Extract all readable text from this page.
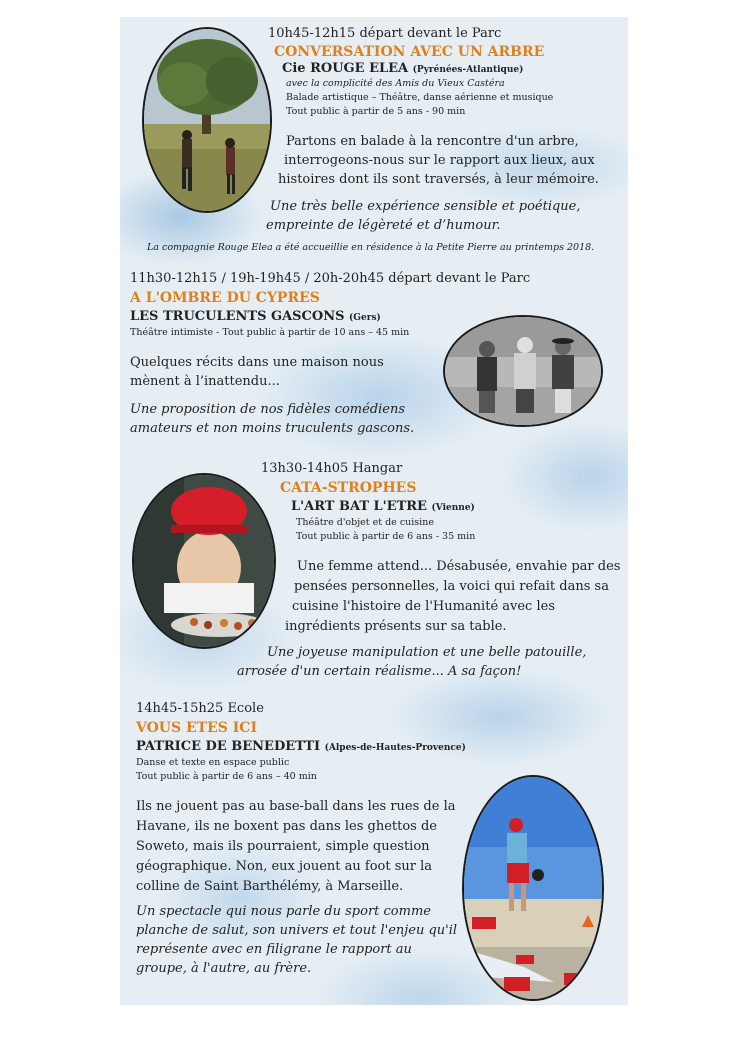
10h45-12h15 départ devant le Parc
CONVERSATION AVEC UN ARBRE
Cie ROUGE ELEA (Pyrénées-Atlantique)
avec la complicité des Amis du Vieux Castéra
Balade artistique – Théâtre, danse aérienne et musique
Tout public à partir de 5 ans - 90 min
Partons en balade à la rencontre d'un arbre,
interrogeons-nous sur le rapport aux lieux, aux
histoires dont ils sont traversés, à leur mémoire.
Une très belle expérience sensible et poétique,
empreinte de légèreté et d’humour.
La compagnie Rouge Elea a été accueillie en résidence à la Petite Pierre au printemps 2018.
11h30-12h15 / 19h-19h45 / 20h-20h45 départ devant le Parc
A L'OMBRE DU CYPRES
LES TRUCULENTS GASCONS (Gers)
Théâtre intimiste - Tout public à partir de 10 ans – 45 min
Quelques récits dans une maison nous
mènent à l’inattendu...
Une proposition de nos fidèles comédiens
amateurs et non moins truculents gascons.
13h30-14h05 Hangar
CATA-STROPHES
L'ART BAT L'ETRE (Vienne)
Théâtre d'objet et de cuisine
Tout public à partir de 6 ans - 35 min
Une femme attend... Désabusée, envahie par des
pensées personnelles, la voici qui refait dans sa
cuisine l'histoire de l'Humanité avec les
ingrédients présents sur sa table.
Une joyeuse manipulation et une belle patouille,
arrosée d'un certain réalisme... A sa façon!
14h45-15h25 Ecole
VOUS ETES ICI
PATRICE DE BENEDETTI (Alpes-de-Hautes-Provence)
Danse et texte en espace public
Tout public à partir de 6 ans – 40 min
Ils ne jouent pas au base-ball dans les rues de la
Havane, ils ne boxent pas dans les ghettos de
Soweto, mais ils pourraient, simple question
géographique. Non, eux jouent au foot sur la
colline de Saint Barthélémy, à Marseille.
Un spectacle qui nous parle du sport comme
planche de salut, son univers et tout l'enjeu qu'il
représente avec en filigrane le rapport au
groupe, à l'autre, au frère.
